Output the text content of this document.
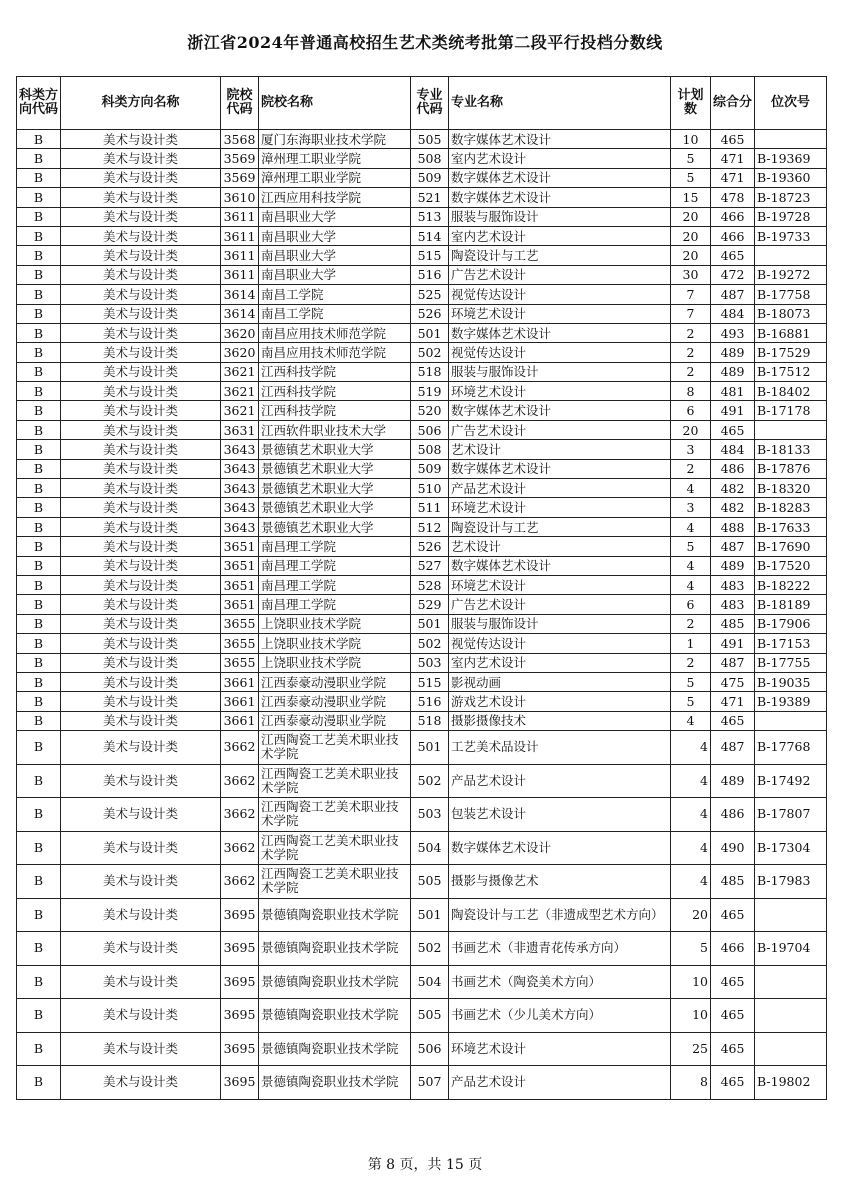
浙江省2024年普通高校招生艺术类统考批第二段平行投档分数线
科类方向代码	科类方向名称	院校代码	院校名称	专业代码	专业名称	计划数	综合分	位次号
B	美术与设计类	3568	厦门东海职业技术学院	505	数字媒体艺术设计	10	465	
B	美术与设计类	3569	漳州理工职业学院	508	室内艺术设计	5	471	B-19369
B	美术与设计类	3569	漳州理工职业学院	509	数字媒体艺术设计	5	471	B-19360
B	美术与设计类	3610	江西应用科技学院	521	数字媒体艺术设计	15	478	B-18723
B	美术与设计类	3611	南昌职业大学	513	服装与服饰设计	20	466	B-19728
B	美术与设计类	3611	南昌职业大学	514	室内艺术设计	20	466	B-19733
B	美术与设计类	3611	南昌职业大学	515	陶瓷设计与工艺	20	465	
B	美术与设计类	3611	南昌职业大学	516	广告艺术设计	30	472	B-19272
B	美术与设计类	3614	南昌工学院	525	视觉传达设计	7	487	B-17758
B	美术与设计类	3614	南昌工学院	526	环境艺术设计	7	484	B-18073
B	美术与设计类	3620	南昌应用技术师范学院	501	数字媒体艺术设计	2	493	B-16881
B	美术与设计类	3620	南昌应用技术师范学院	502	视觉传达设计	2	489	B-17529
B	美术与设计类	3621	江西科技学院	518	服装与服饰设计	2	489	B-17512
B	美术与设计类	3621	江西科技学院	519	环境艺术设计	8	481	B-18402
B	美术与设计类	3621	江西科技学院	520	数字媒体艺术设计	6	491	B-17178
B	美术与设计类	3631	江西软件职业技术大学	506	广告艺术设计	20	465	
B	美术与设计类	3643	景德镇艺术职业大学	508	艺术设计	3	484	B-18133
B	美术与设计类	3643	景德镇艺术职业大学	509	数字媒体艺术设计	2	486	B-17876
B	美术与设计类	3643	景德镇艺术职业大学	510	产品艺术设计	4	482	B-18320
B	美术与设计类	3643	景德镇艺术职业大学	511	环境艺术设计	3	482	B-18283
B	美术与设计类	3643	景德镇艺术职业大学	512	陶瓷设计与工艺	4	488	B-17633
B	美术与设计类	3651	南昌理工学院	526	艺术设计	5	487	B-17690
B	美术与设计类	3651	南昌理工学院	527	数字媒体艺术设计	4	489	B-17520
B	美术与设计类	3651	南昌理工学院	528	环境艺术设计	4	483	B-18222
B	美术与设计类	3651	南昌理工学院	529	广告艺术设计	6	483	B-18189
B	美术与设计类	3655	上饶职业技术学院	501	服装与服饰设计	2	485	B-17906
B	美术与设计类	3655	上饶职业技术学院	502	视觉传达设计	1	491	B-17153
B	美术与设计类	3655	上饶职业技术学院	503	室内艺术设计	2	487	B-17755
B	美术与设计类	3661	江西泰豪动漫职业学院	515	影视动画	5	475	B-19035
B	美术与设计类	3661	江西泰豪动漫职业学院	516	游戏艺术设计	5	471	B-19389
B	美术与设计类	3661	江西泰豪动漫职业学院	518	摄影摄像技术	4	465	
B	美术与设计类	3662	江西陶瓷工艺美术职业技术学院	501	工艺美术品设计	4	487	B-17768
B	美术与设计类	3662	江西陶瓷工艺美术职业技术学院	502	产品艺术设计	4	489	B-17492
B	美术与设计类	3662	江西陶瓷工艺美术职业技术学院	503	包装艺术设计	4	486	B-17807
B	美术与设计类	3662	江西陶瓷工艺美术职业技术学院	504	数字媒体艺术设计	4	490	B-17304
B	美术与设计类	3662	江西陶瓷工艺美术职业技术学院	505	摄影与摄像艺术	4	485	B-17983
B	美术与设计类	3695	景德镇陶瓷职业技术学院	501	陶瓷设计与工艺（非遗成型艺术方向）	20	465	
B	美术与设计类	3695	景德镇陶瓷职业技术学院	502	书画艺术（非遗青花传承方向）	5	466	B-19704
B	美术与设计类	3695	景德镇陶瓷职业技术学院	504	书画艺术（陶瓷美术方向）	10	465	
B	美术与设计类	3695	景德镇陶瓷职业技术学院	505	书画艺术（少儿美术方向）	10	465	
B	美术与设计类	3695	景德镇陶瓷职业技术学院	506	环境艺术设计	25	465	
B	美术与设计类	3695	景德镇陶瓷职业技术学院	507	产品艺术设计	8	465	B-19802
第 8 页，共 15 页
